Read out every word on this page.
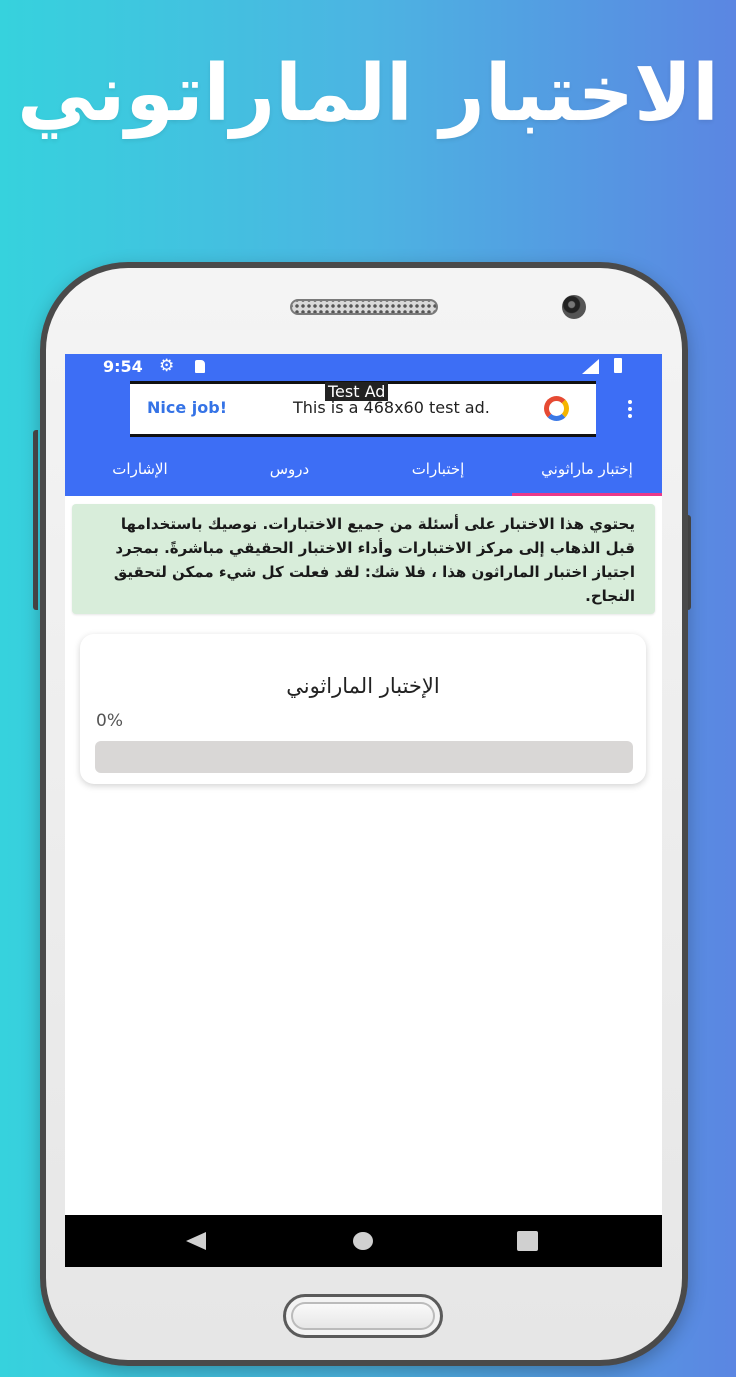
الاختبار الماراتوني
9:54 ⚙
Test Ad
Nice job!	This is a 468x60 test ad.
إختبار ماراثوني
إختبارات
دروس
الإشارات
يحتوي هذا الاختبار على أسئلة من جميع الاختبارات. نوصيك باستخدامها قبل الذهاب إلى مركز الاختبارات وأداء الاختبار الحقيقي مباشرةً. بمجرد اجتياز اختبار الماراثون هذا ، فلا شك: لقد فعلت كل شيء ممكن لتحقيق النجاح.
الإختبار الماراثوني
0%
